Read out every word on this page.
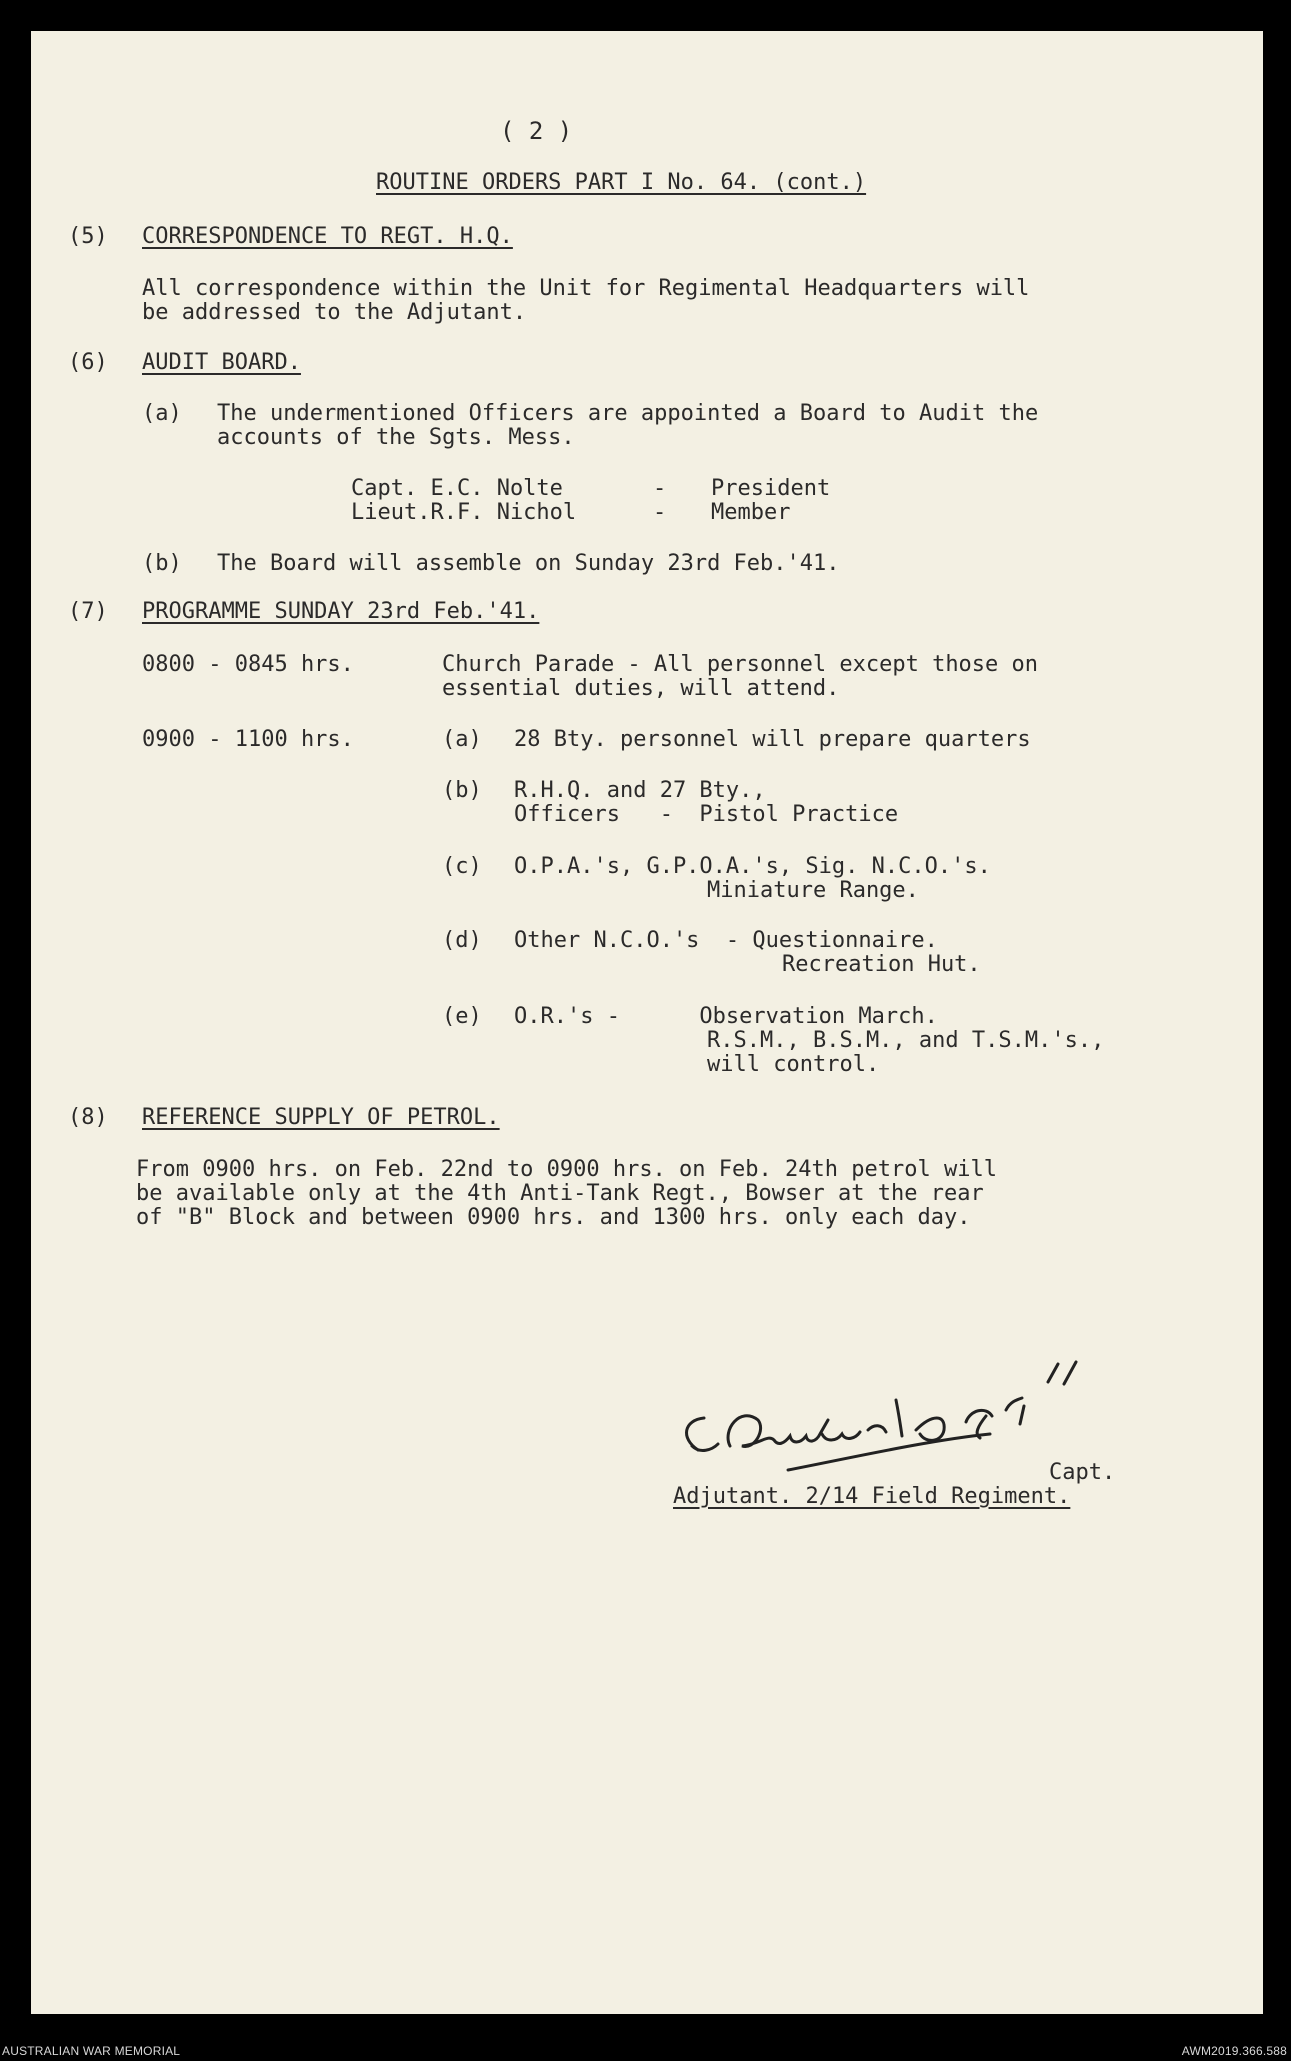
( 2 )

ROUTINE ORDERS PART I No. 64. (cont.)

(5) CORRESPONDENCE TO REGT. H.Q.

All correspondence within the Unit for Regimental Headquarters will

be addressed to the Adjutant.

(6) AUDIT BOARD.

(a) The undermentioned Officers are appointed a Board to Audit the

accounts of the Sgts. Mess.

Capt. E.C. Nolte	- President

Lieut.R.F. Nichol	- Member

(b) The Board will assemble on Sunday 23rd Feb.'41.

(7) PROGRAMME SUNDAY 23rd Feb.'41.

0800 - 0845 hrs.	Church Parade - All personnel except those on

essential duties, will attend.

0900 - 1100 hrs.	(a) 28 Bty. personnel will prepare quarters

(b) R.H.Q. and 27 Bty.,

Officers   -  Pistol Practice

(c) O.P.A.'s, G.P.O.A.'s, Sig. N.C.O.'s.

Miniature Range.

(d) Other N.C.O.'s  - Questionnaire.

Recreation Hut.

(e) O.R.'s -      Observation March.

R.S.M., B.S.M., and T.S.M.'s.,

will control.

(8) REFERENCE SUPPLY OF PETROL.

From 0900 hrs. on Feb. 22nd to 0900 hrs. on Feb. 24th petrol will

be available only at the 4th Anti-Tank Regt., Bowser at the rear

of "B" Block and between 0900 hrs. and 1300 hrs. only each day.

Capt.

Adjutant. 2/14 Field Regiment.

AUSTRALIAN WAR MEMORIAL	AWM2019.366.588
